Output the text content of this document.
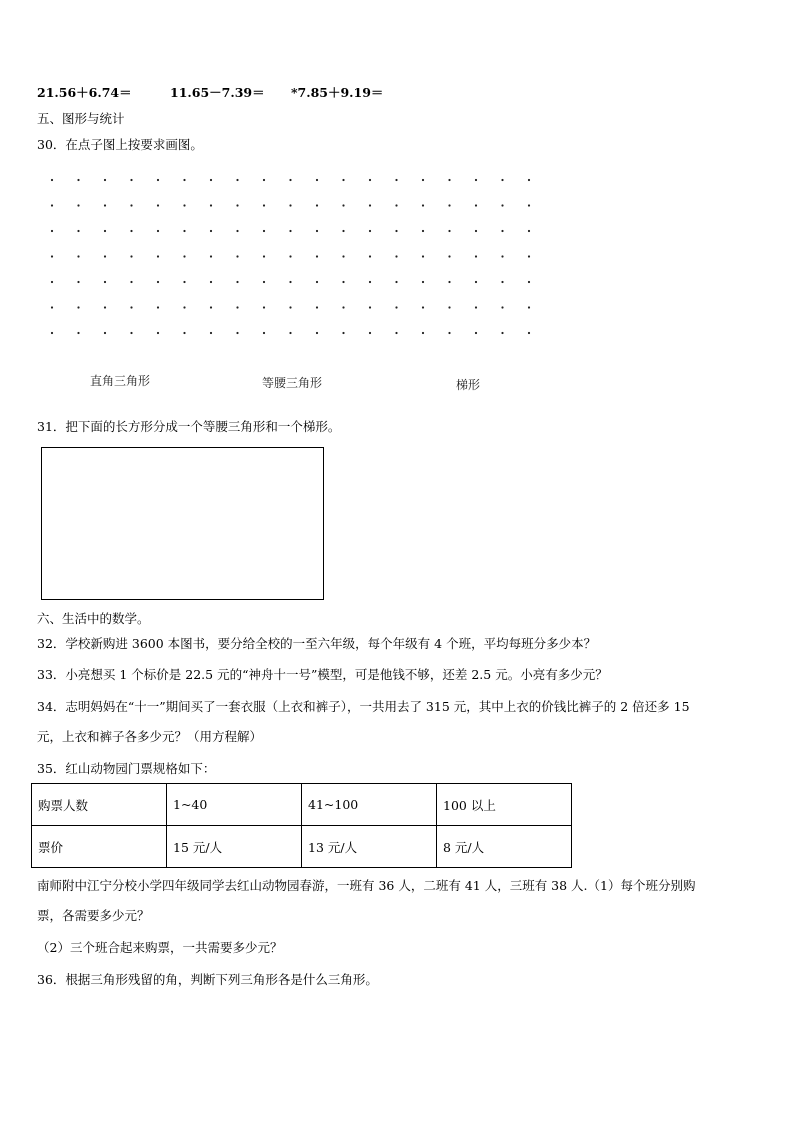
21.56＋6.74＝	11.65－7.39＝ *7.85＋9.19＝
五、图形与统计
30．在点子图上按要求画图。
直角三角形	等腰三角形	梯形
31．把下面的长方形分成一个等腰三角形和一个梯形。
六、生活中的数学。
32．学校新购进 3600 本图书，要分给全校的一至六年级，每个年级有 4 个班，平均每班分多少本？
33．小亮想买 1 个标价是 22.5 元的“神舟十一号”模型，可是他钱不够，还差 2.5 元。小亮有多少元？
34．志明妈妈在“十一”期间买了一套衣服（上衣和裤子），一共用去了 315 元，其中上衣的价钱比裤子的 2 倍还多 15
元，上衣和裤子各多少元？（用方程解）
35．红山动物园门票规格如下：
购票人数	1~40	41~100	100 以上
票价	15 元/人	13 元/人	8 元/人
南师附中江宁分校小学四年级同学去红山动物园春游，一班有 36 人，二班有 41 人，三班有 38 人.（1）每个班分别购
票，各需要多少元？
（2）三个班合起来购票，一共需要多少元？
36．根据三角形残留的角，判断下列三角形各是什么三角形。
